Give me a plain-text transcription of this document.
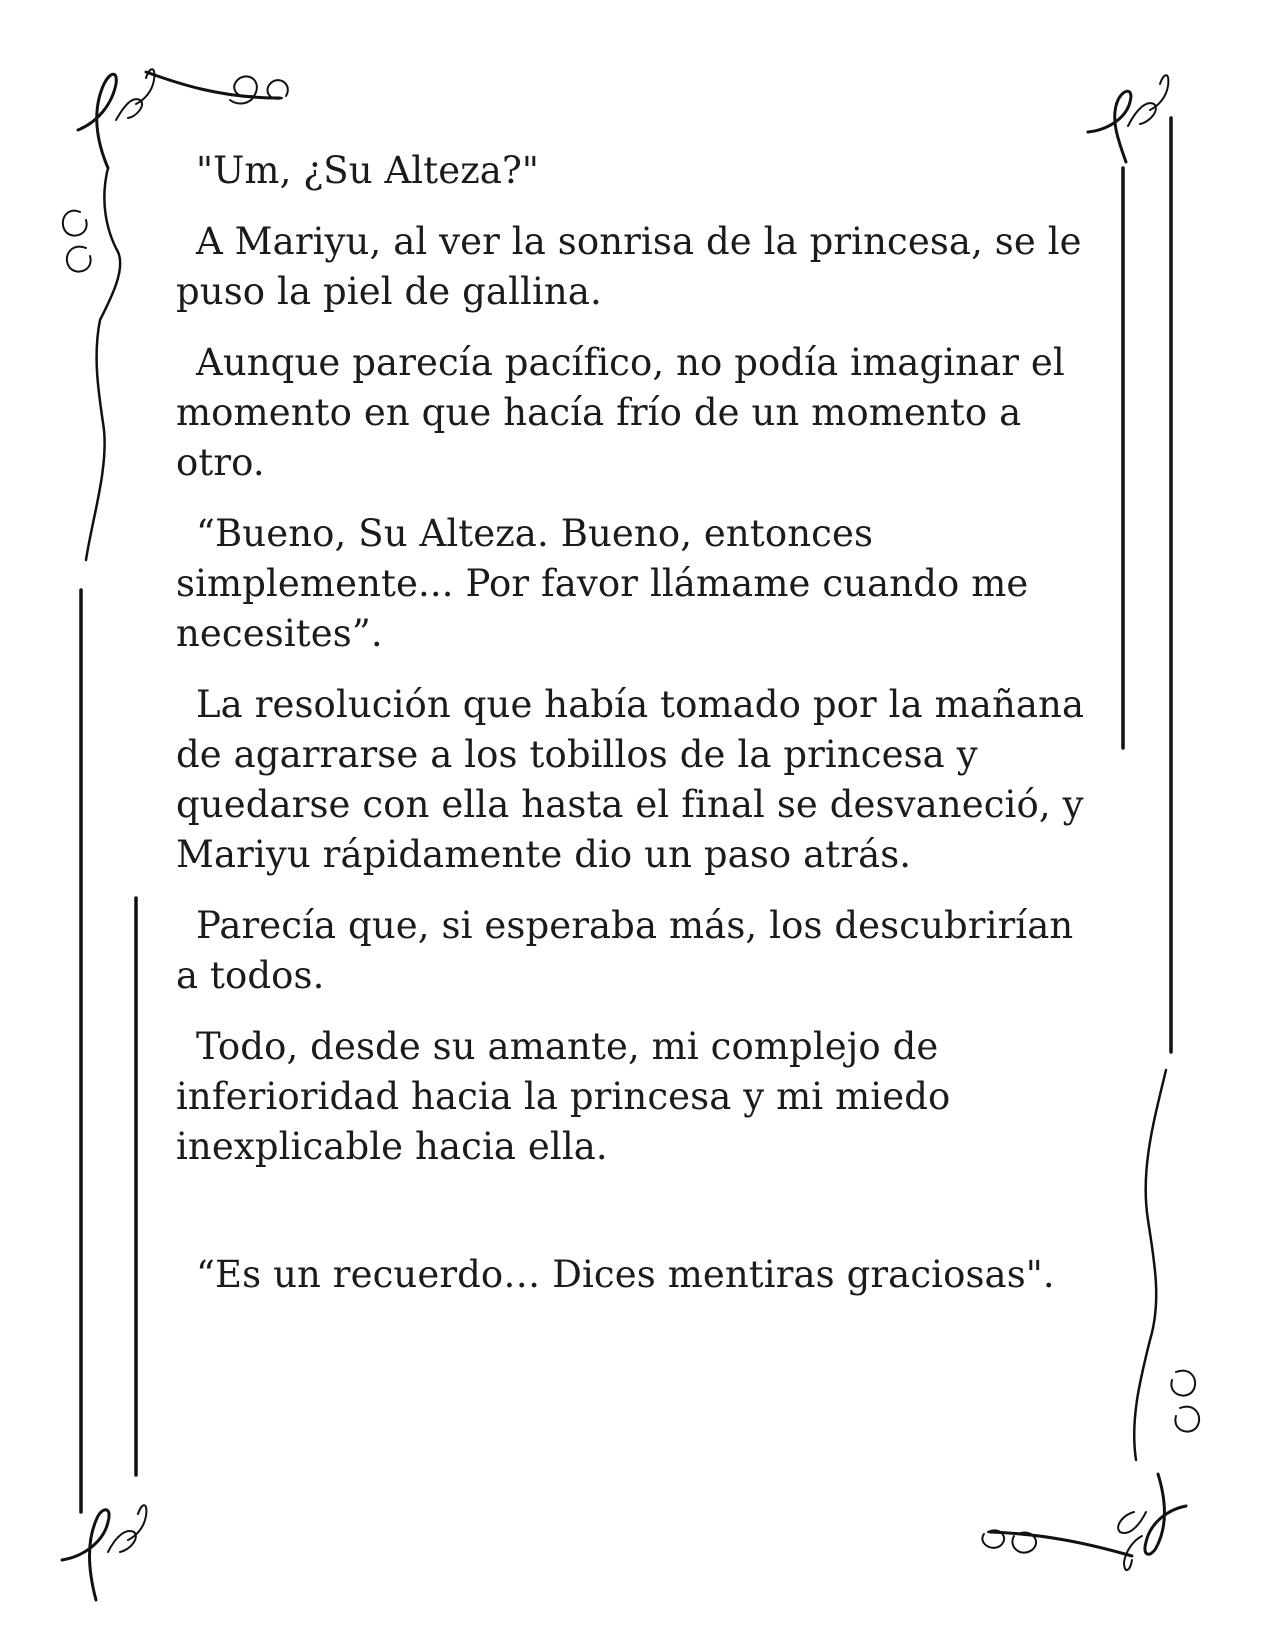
"Um, ¿Su Alteza?"

A Mariyu, al ver la sonrisa de la princesa, se le puso la piel de gallina.

Aunque parecía pacífico, no podía imaginar el momento en que hacía frío de un momento a otro.

“Bueno, Su Alteza. Bueno, entonces simplemente... Por favor llámame cuando me necesites”.

La resolución que había tomado por la mañana de agarrarse a los tobillos de la princesa y quedarse con ella hasta el final se desvaneció, y Mariyu rápidamente dio un paso atrás.

Parecía que, si esperaba más, los descubrirían a todos.

Todo, desde su amante, mi complejo de inferioridad hacia la princesa y mi miedo inexplicable hacia ella.

“Es un recuerdo… Dices mentiras graciosas".
